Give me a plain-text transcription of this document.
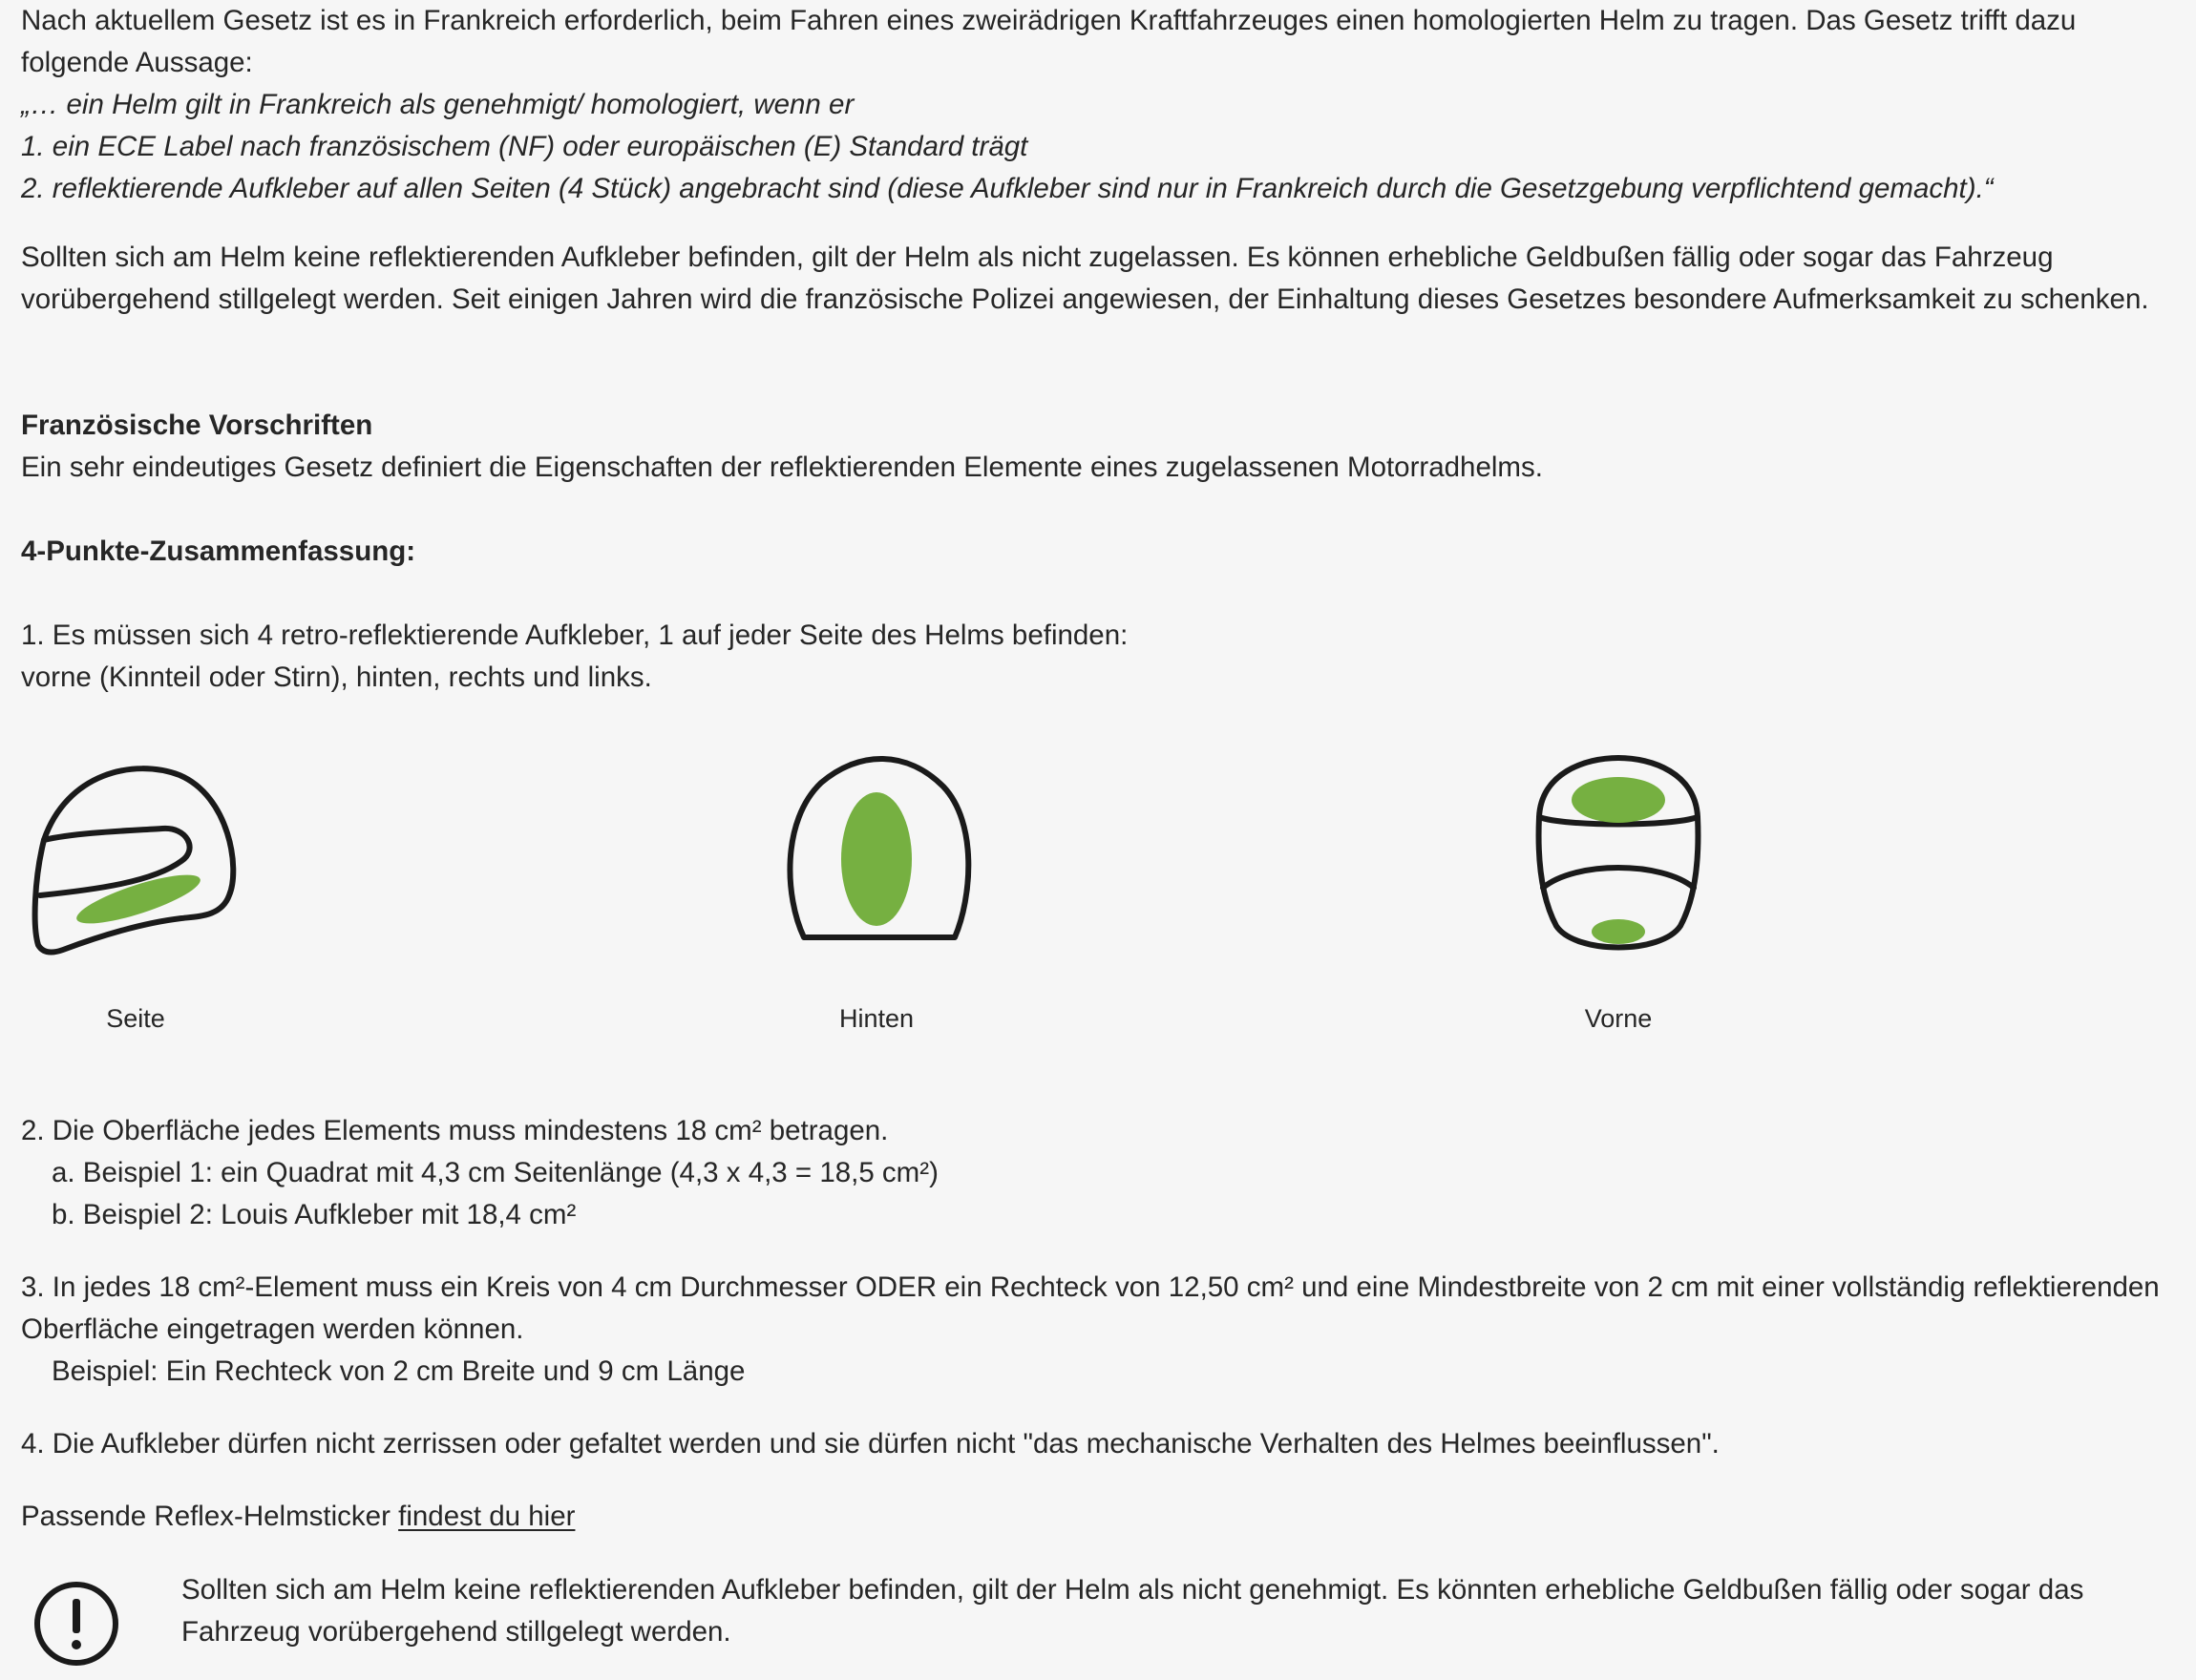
Nach aktuellem Gesetz ist es in Frankreich erforderlich, beim Fahren eines zweirädrigen Kraftfahrzeuges einen homologierten Helm zu tragen. Das Gesetz trifft dazu folgende Aussage:
„… ein Helm gilt in Frankreich als genehmigt/ homologiert, wenn er
1. ein ECE Label nach französischem (NF) oder europäischen (E) Standard trägt
2. reflektierende Aufkleber auf allen Seiten (4 Stück) angebracht sind (diese Aufkleber sind nur in Frankreich durch die Gesetzgebung verpflichtend gemacht).“

Sollten sich am Helm keine reflektierenden Aufkleber befinden, gilt der Helm als nicht zugelassen. Es können erhebliche Geldbußen fällig oder sogar das Fahrzeug vorübergehend stillgelegt werden. Seit einigen Jahren wird die französische Polizei angewiesen, der Einhaltung dieses Gesetzes besondere Aufmerksamkeit zu schenken.

Französische Vorschriften
Ein sehr eindeutiges Gesetz definiert die Eigenschaften der reflektierenden Elemente eines zugelassenen Motorradhelms.

4-Punkte-Zusammenfassung:

1. Es müssen sich 4 retro-reflektierende Aufkleber, 1 auf jeder Seite des Helms befinden:
vorne (Kinnteil oder Stirn), hinten, rechts und links.

Seite	Hinten	Vorne

2. Die Oberfläche jedes Elements muss mindestens 18 cm² betragen.
a. Beispiel 1: ein Quadrat mit 4,3 cm Seitenlänge (4,3 x 4,3 = 18,5 cm²)
b. Beispiel 2: Louis Aufkleber mit 18,4 cm²

3. In jedes 18 cm²-Element muss ein Kreis von 4 cm Durchmesser ODER ein Rechteck von 12,50 cm² und eine Mindestbreite von 2 cm mit einer vollständig reflektierenden Oberfläche eingetragen werden können.
Beispiel: Ein Rechteck von 2 cm Breite und 9 cm Länge

4. Die Aufkleber dürfen nicht zerrissen oder gefaltet werden und sie dürfen nicht "das mechanische Verhalten des Helmes beeinflussen".

Passende Reflex-Helmsticker findest du hier

Sollten sich am Helm keine reflektierenden Aufkleber befinden, gilt der Helm als nicht genehmigt. Es könnten erhebliche Geldbußen fällig oder sogar das Fahrzeug vorübergehend stillgelegt werden.
